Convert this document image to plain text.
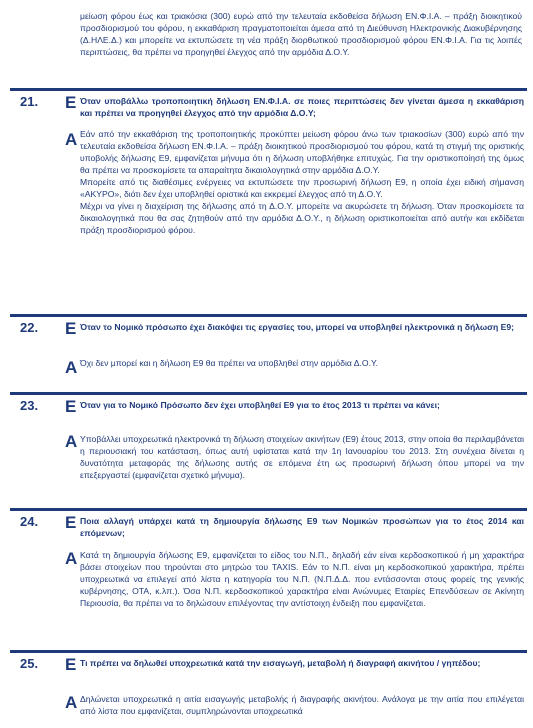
μείωση φόρου έως και τριακόσια (300) ευρώ από την τελευταία εκδοθείσα δήλωση ΕΝ.Φ.Ι.Α. – πράξη διοικητικού προσδιορισμού του φόρου, η εκκαθάριση πραγματοποιείται άμεσα από τη Διεύθυνση Ηλεκτρονικής Διακυβέρνησης (Δ.ΗΛΕ.Δ.) και μπορείτε να εκτυπώσετε τη νέα πράξη διορθωτικού προσδιορισμού φόρου ΕΝ.Φ.Ι.Α. Για τις λοιπές περιπτώσεις, θα πρέπει να προηγηθεί έλεγχος από την αρμόδια Δ.Ο.Υ.
21. Ε Όταν υποβάλλω τροποποιητική δήλωση ΕΝ.Φ.Ι.Α. σε ποιες περιπτώσεις δεν γίνεται άμεσα η εκκαθάριση και πρέπει να προηγηθεί έλεγχος από την αρμόδια Δ.Ο.Υ;
Α Εάν από την εκκαθάριση της τροποποιητικής προκύπτει μείωση φόρου άνω των τριακοσίων (300) ευρώ από την τελευταία εκδοθείσα δήλωση ΕΝ.Φ.Ι.Α. – πράξη διοικητικού προσδιορισμού του φόρου, κατά τη στιγμή της οριστικής υποβολής δήλωσης Ε9, εμφανίζεται μήνυμα ότι η δήλωση υποβλήθηκε επιτυχώς. Για την οριστικοποίησή της όμως θα πρέπει να προσκομίσετε τα απαραίτητα δικαιολογητικά στην αρμόδια Δ.Ο.Υ.

Μπορείτε από τις διαθέσιμες ενέργειες να εκτυπώσετε την προσωρινή δήλωση Ε9, η οποία έχει ειδική σήμανση «ΑΚΥΡΟ», διότι δεν έχει υποβληθεί οριστικά και εκκρεμεί έλεγχος από τη Δ.Ο.Υ.

Μέχρι να γίνει η διαχείριση της δήλωσης από τη Δ.Ο.Υ. μπορείτε να ακυρώσετε τη δήλωση. Όταν προσκομίσετε τα δικαιολογητικά που θα σας ζητηθούν από την αρμόδια Δ.Ο.Υ., η δήλωση οριστικοποιείται από αυτήν και εκδίδεται πράξη προσδιορισμού φόρου.

22. Ε Όταν το Νομικό πρόσωπο έχει διακόψει τις εργασίες του, μπορεί να υποβληθεί ηλεκτρονικά η δήλωση Ε9;
Α Όχι δεν μπορεί και η δήλωση Ε9 θα πρέπει να υποβληθεί στην αρμόδια Δ.Ο.Υ.

23. Ε Όταν για το Νομικό Πρόσωπο δεν έχει υποβληθεί Ε9 για το έτος 2013 τι πρέπει να κάνει;
Α Υποβάλλει υποχρεωτικά ηλεκτρονικά τη δήλωση στοιχείων ακινήτων (Ε9) έτους 2013, στην οποία θα περιλαμβάνεται η περιουσιακή του κατάσταση, όπως αυτή υφίσταται κατά την 1η Ιανουαρίου του 2013. Στη συνέχεια δίνεται η δυνατότητα μεταφοράς της δήλωσης αυτής σε επόμενα έτη ως προσωρινή δήλωση όπου μπορεί να την επεξεργαστεί (εμφανίζεται σχετικό μήνυμα).

24. Ε Ποια αλλαγή υπάρχει κατά τη δημιουργία δήλωσης Ε9 των Νομικών προσώπων για το έτος 2014 και επόμενων;
Α Κατά τη δημιουργία δήλωσης Ε9, εμφανίζεται το είδος του Ν.Π., δηλαδή εάν είναι κερδοσκοπικού ή μη χαρακτήρα βάσει στοιχείων που τηρούνται στο μητρώο του TAXIS. Εάν το Ν.Π. είναι μη κερδοσκοπικού χαρακτήρα, πρέπει υποχρεωτικά να επιλεγεί από λίστα η κατηγορία του Ν.Π. (Ν.Π.Δ.Δ. που εντάσσονται στους φορείς της γενικής κυβέρνησης, ΟΤΑ, κ.λπ.). Όσα Ν.Π. κερδοσκοπικού χαρακτήρα είναι Ανώνυμες Εταιρίες Επενδύσεων σε Ακίνητη Περιουσία, θα πρέπει να το δηλώσουν επιλέγοντας την αντίστοιχη ένδειξη που εμφανίζεται.

25. Ε Τι πρέπει να δηλωθεί υποχρεωτικά κατά την εισαγωγή, μεταβολή ή διαγραφή ακινήτου / γηπέδου;
Α Δηλώνεται υποχρεωτικά η αιτία εισαγωγής μεταβολής ή διαγραφής ακινήτου. Ανάλογα με την αιτία που επιλέγεται από λίστα που εμφανίζεται, συμπληρώνονται υποχρεωτικά
